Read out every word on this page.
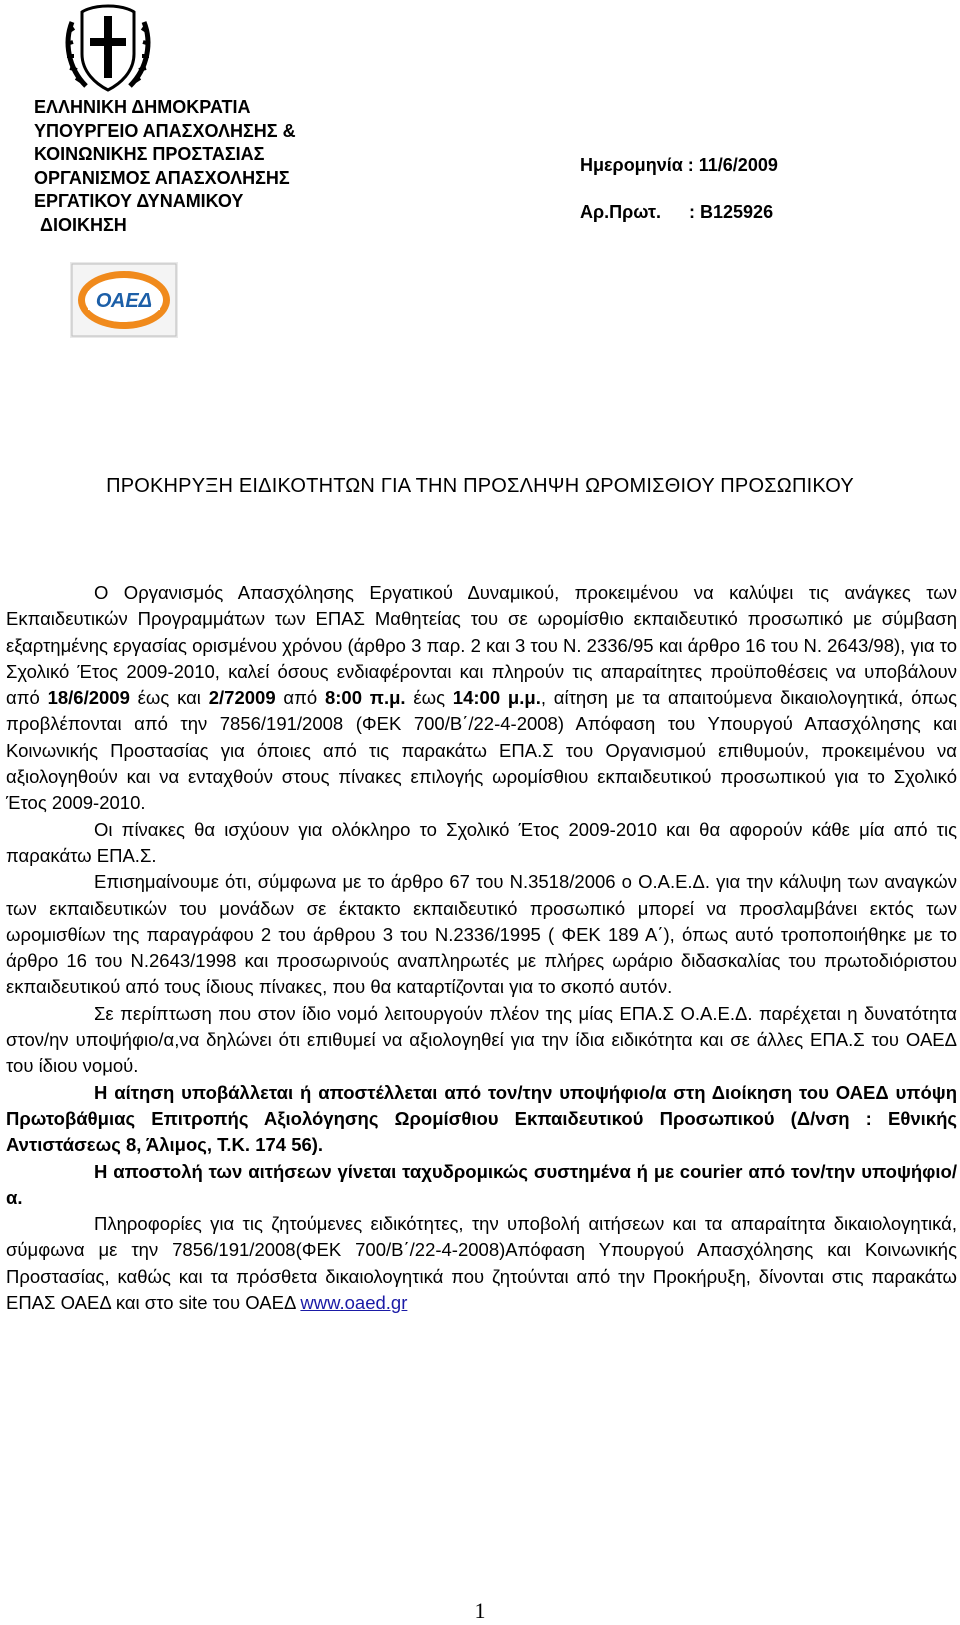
ΕΛΛΗΝΙΚΗ ΔΗΜΟΚΡΑΤΙΑ
ΥΠΟΥΡΓΕΙΟ ΑΠΑΣΧΟΛΗΣΗΣ &
ΚΟΙΝΩΝΙΚΗΣ ΠΡΟΣΤΑΣΙΑΣ
ΟΡΓΑΝΙΣΜΟΣ ΑΠΑΣΧΟΛΗΣΗΣ
ΕΡΓΑΤΙΚΟΥ ΔΥΝΑΜΙΚΟΥ
ΔΙΟΙΚΗΣΗ
Ημερομηνία : 11/6/2009
Αρ.Πρωτ. : Β125926
ΟΑΕΔ
ΠΡΟΚΗΡΥΞΗ ΕΙΔΙΚΟΤΗΤΩΝ ΓΙΑ ΤΗΝ ΠΡΟΣΛΗΨΗ ΩΡΟΜΙΣΘΙΟΥ ΠΡΟΣΩΠΙΚΟΥ

Ο Οργανισμός Απασχόλησης Εργατικού Δυναμικού, προκειμένου να καλύψει τις ανάγκες των Εκπαιδευτικών Προγραμμάτων των ΕΠΑΣ Μαθητείας του σε ωρομίσθιο εκπαιδευτικό προσωπικό με σύμβαση εξαρτημένης εργασίας ορισμένου χρόνου (άρθρο 3 παρ. 2 και 3 του Ν. 2336/95 και άρθρο 16 του Ν. 2643/98), για το Σχολικό Έτος 2009-2010, καλεί όσους ενδιαφέρονται και πληρούν τις απαραίτητες προϋποθέσεις να υποβάλουν από 18/6/2009 έως και 2/72009 από 8:00 π.μ. έως 14:00 μ.μ., αίτηση με τα απαιτούμενα δικαιολογητικά, όπως προβλέπονται από την 7856/191/2008 (ΦΕΚ 700/Β΄/22-4-2008) Απόφαση του Υπουργού Απασχόλησης και Κοινωνικής Προστασίας για όποιες από τις παρακάτω ΕΠΑ.Σ του Οργανισμού επιθυμούν, προκειμένου να αξιολογηθούν και να ενταχθούν στους πίνακες επιλογής ωρομίσθιου εκπαιδευτικού προσωπικού για το Σχολικό Έτος 2009-2010.

Οι πίνακες θα ισχύουν για ολόκληρο το Σχολικό Έτος 2009-2010 και θα αφορούν κάθε μία από τις παρακάτω ΕΠΑ.Σ.

Επισημαίνουμε ότι, σύμφωνα με το άρθρο 67 του Ν.3518/2006 ο Ο.Α.Ε.Δ. για την κάλυψη των αναγκών των εκπαιδευτικών του μονάδων σε έκτακτο εκπαιδευτικό προσωπικό μπορεί να προσλαμβάνει εκτός των ωρομισθίων της παραγράφου 2 του άρθρου 3 του Ν.2336/1995 ( ΦΕΚ 189 Α΄), όπως αυτό τροποποιήθηκε με το άρθρο 16 του Ν.2643/1998 και προσωρινούς αναπληρωτές με πλήρες ωράριο διδασκαλίας του πρωτοδιόριστου εκπαιδευτικού από τους ίδιους πίνακες, που θα καταρτίζονται για το σκοπό αυτόν.

Σε περίπτωση που στον ίδιο νομό λειτουργούν πλέον της μίας ΕΠΑ.Σ Ο.Α.Ε.Δ. παρέχεται η δυνατότητα στον/ην υποψήφιο/α,να δηλώνει ότι επιθυμεί να αξιολογηθεί για την ίδια ειδικότητα και σε άλλες ΕΠΑ.Σ του ΟΑΕΔ του ίδιου νομού.

Η αίτηση υποβάλλεται ή αποστέλλεται από τον/την υποψήφιο/α στη Διοίκηση του ΟΑΕΔ υπόψη Πρωτοβάθμιας Επιτροπής Αξιολόγησης Ωρομίσθιου Εκπαιδευτικού Προσωπικού (Δ/νση : Εθνικής Αντιστάσεως 8, Άλιμος, Τ.Κ. 174 56).

Η αποστολή των αιτήσεων γίνεται ταχυδρομικώς συστημένα ή με courier από τον/την υποψήφιο/α.

Πληροφορίες για τις ζητούμενες ειδικότητες, την υποβολή αιτήσεων και τα απαραίτητα δικαιολογητικά, σύμφωνα με την 7856/191/2008(ΦΕΚ 700/Β΄/22-4-2008)Απόφαση Υπουργού Απασχόλησης και Κοινωνικής Προστασίας, καθώς και τα πρόσθετα δικαιολογητικά που ζητούνται από την Προκήρυξη, δίνονται στις παρακάτω ΕΠΑΣ ΟΑΕΔ και στο site του ΟΑΕΔ www.oaed.gr

1
